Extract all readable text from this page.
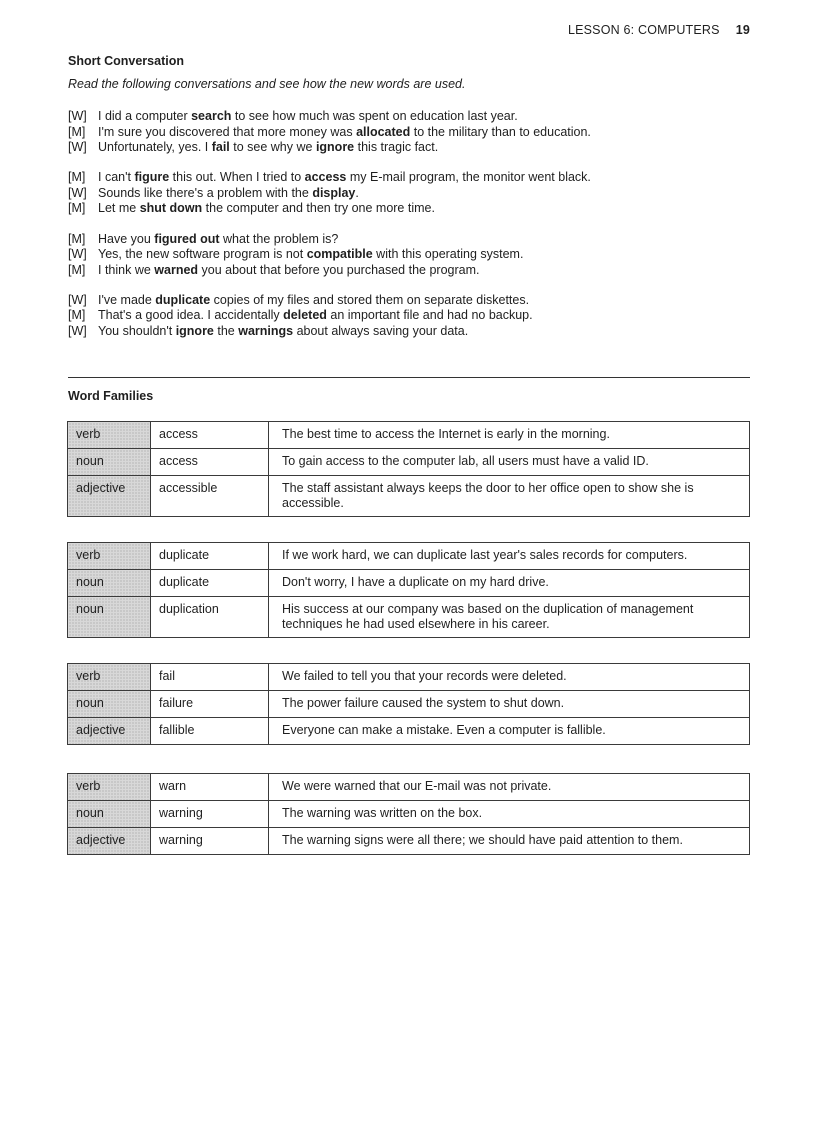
LESSON 6: COMPUTERS 19
Short Conversation
Read the following conversations and see how the new words are used.
[W] I did a computer search to see how much was spent on education last year.
[M]	I'm sure you discovered that more money was allocated to the military than to education.
[W] Unfortunately, yes. I fail to see why we ignore this tragic fact.
[M]	I can't figure this out. When I tried to access my E-mail program, the monitor went black.
[W] Sounds like there's a problem with the display.
[M]	Let me shut down the computer and then try one more time.
[M]	Have you figured out what the problem is?
[W] Yes, the new software program is not compatible with this operating system.
[M]	I think we warned you about that before you purchased the program.
[W] I've made duplicate copies of my files and stored them on separate diskettes.
[M]	That's a good idea. I accidentally deleted an important file and had no backup.
[W] You shouldn't ignore the warnings about always saving your data.
Word Families
verb	access	The best time to access the Internet is early in the morning.
noun	access	To gain access to the computer lab, all users must have a valid ID.
adjective	accessible	The staff assistant always keeps the door to her office open to show she is accessible.
verb	duplicate	If we work hard, we can duplicate last year's sales records for computers.
noun	duplicate	Don't worry, I have a duplicate on my hard drive.
noun	duplication	His success at our company was based on the duplication of management techniques he had used elsewhere in his career.
verb	fail	We failed to tell you that your records were deleted.
noun	failure	The power failure caused the system to shut down.
adjective	fallible	Everyone can make a mistake. Even a computer is fallible.
verb	warn	We were warned that our E-mail was not private.
noun	warning	The warning was written on the box.
adjective	warning	The warning signs were all there; we should have paid attention to them.
